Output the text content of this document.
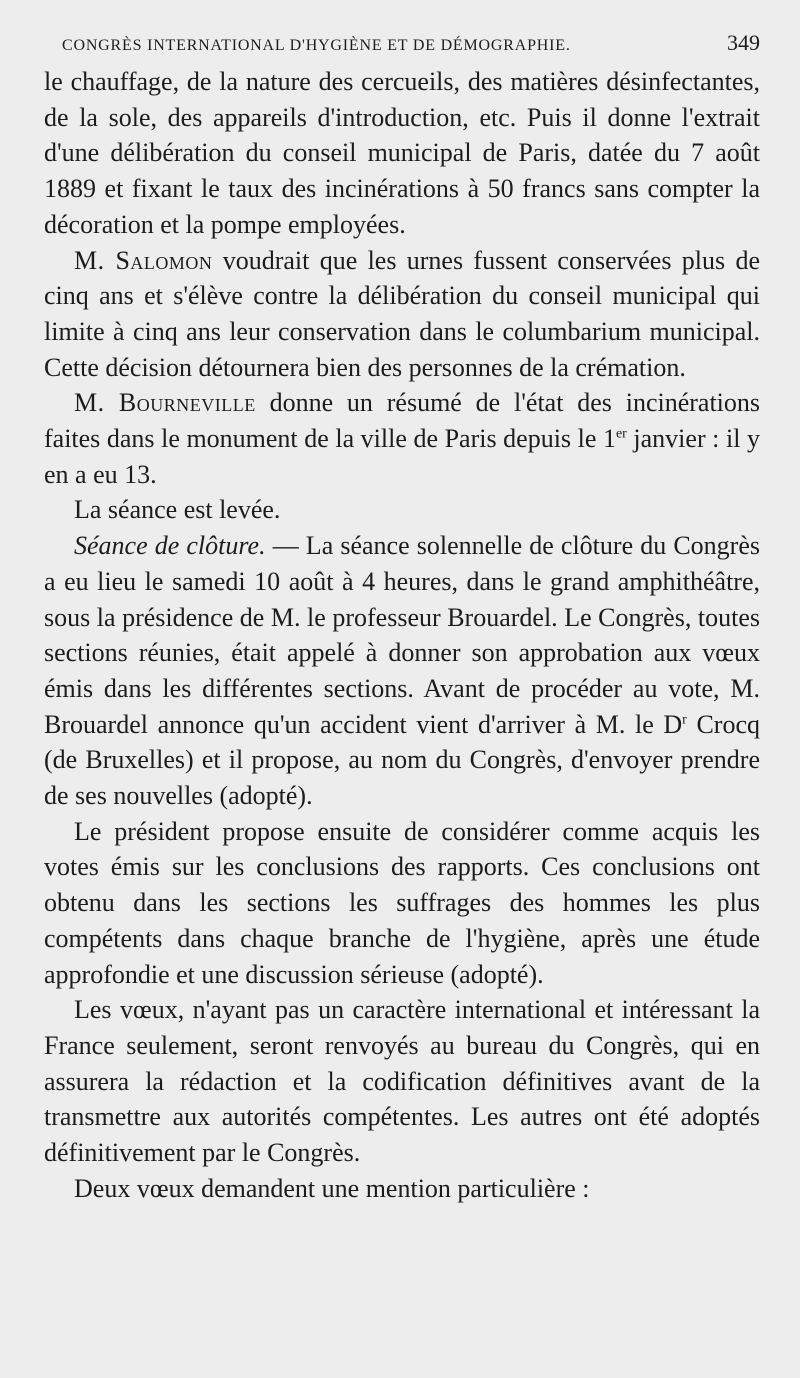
CONGRÈS INTERNATIONAL D'HYGIÈNE ET DE DÉMOGRAPHIE.	349

le chauffage, de la nature des cercueils, des matières désinfectantes, de la sole, des appareils d'introduction, etc. Puis il donne l'extrait d'une délibération du conseil municipal de Paris, datée du 7 août 1889 et fixant le taux des incinérations à 50 francs sans compter la décoration et la pompe employées.

M. Salomon voudrait que les urnes fussent conservées plus de cinq ans et s'élève contre la délibération du conseil municipal qui limite à cinq ans leur conservation dans le columbarium municipal. Cette décision détournera bien des personnes de la crémation.

M. Bourneville donne un résumé de l'état des incinérations faites dans le monument de la ville de Paris depuis le 1er janvier : il y en a eu 13.

La séance est levée.

Séance de clôture. — La séance solennelle de clôture du Congrès a eu lieu le samedi 10 août à 4 heures, dans le grand amphithéâtre, sous la présidence de M. le professeur Brouardel. Le Congrès, toutes sections réunies, était appelé à donner son approbation aux vœux émis dans les différentes sections. Avant de procéder au vote, M. Brouardel annonce qu'un accident vient d'arriver à M. le $D^r$ Crocq (de Bruxelles) et il propose, au nom du Congrès, d'envoyer prendre de ses nouvelles (adopté).

Le président propose ensuite de considérer comme acquis les votes émis sur les conclusions des rapports. Ces conclusions ont obtenu dans les sections les suffrages des hommes les plus compétents dans chaque branche de l'hygiène, après une étude approfondie et une discussion sérieuse (adopté).

Les vœux, n'ayant pas un caractère international et intéressant la France seulement, seront renvoyés au bureau du Congrès, qui en assurera la rédaction et la codification définitives avant de la transmettre aux autorités compétentes. Les autres ont été adoptés définitivement par le Congrès.

Deux vœux demandent une mention particulière :
